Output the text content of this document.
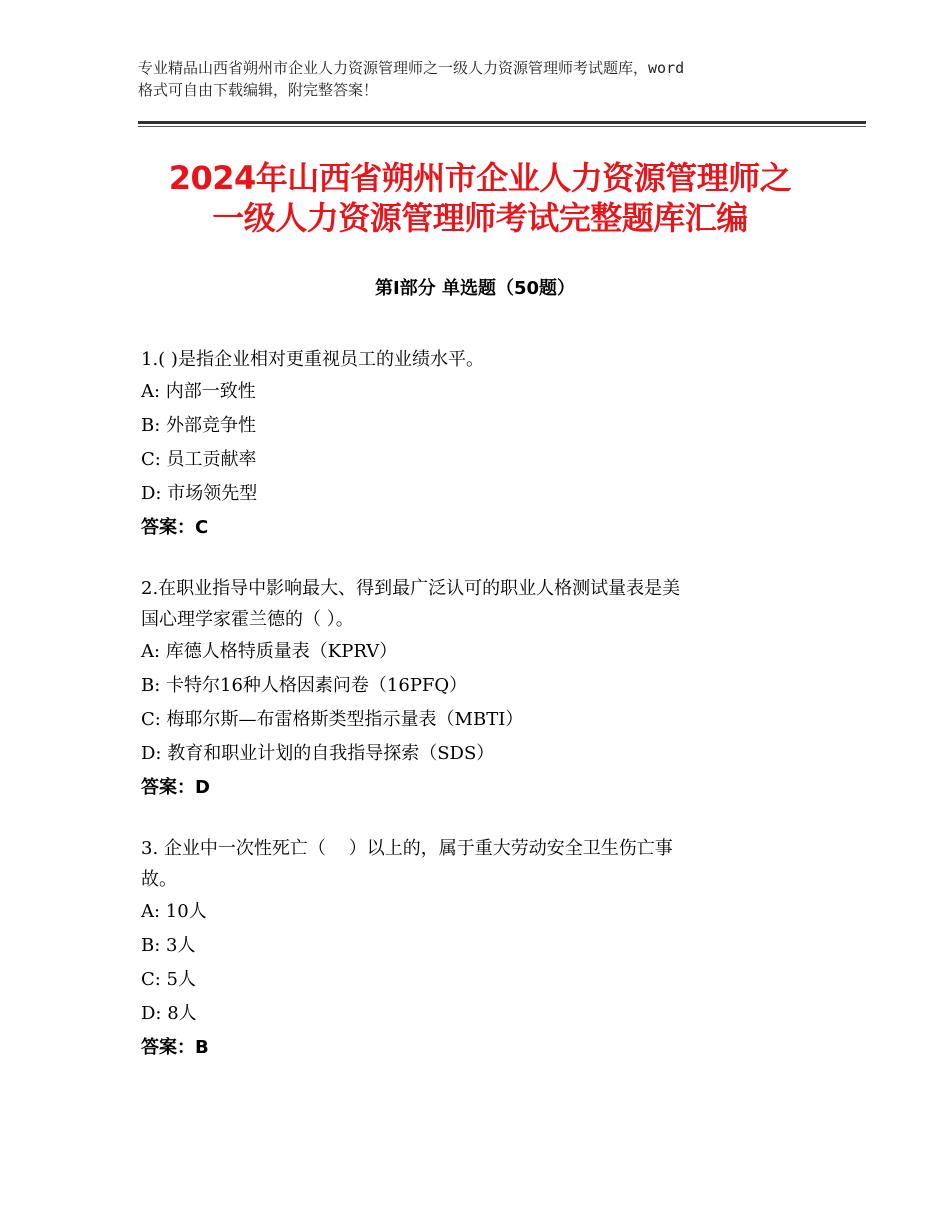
专业精品山西省朔州市企业人力资源管理师之一级人力资源管理师考试题库，word
格式可自由下载编辑，附完整答案！
2024年山西省朔州市企业人力资源管理师之
一级人力资源管理师考试完整题库汇编
第Ⅰ部分 单选题（50题）

1.( )是指企业相对更重视员工的业绩水平。

A: 内部一致性

B: 外部竞争性

C: 员工贡献率

D: 市场领先型

答案：C

2.在职业指导中影响最大、得到最广泛认可的职业人格测试量表是美

国心理学家霍兰德的（ ）。

A: 库德人格特质量表（KPRV）

B: 卡特尔16种人格因素问卷（16PFQ）

C: 梅耶尔斯—布雷格斯类型指示量表（MBTI）

D: 教育和职业计划的自我指导探索（SDS）

答案：D

3. 企业中一次性死亡（    ）以上的，属于重大劳动安全卫生伤亡事

故。

A: 10人

B: 3人

C: 5人

D: 8人

答案：B
